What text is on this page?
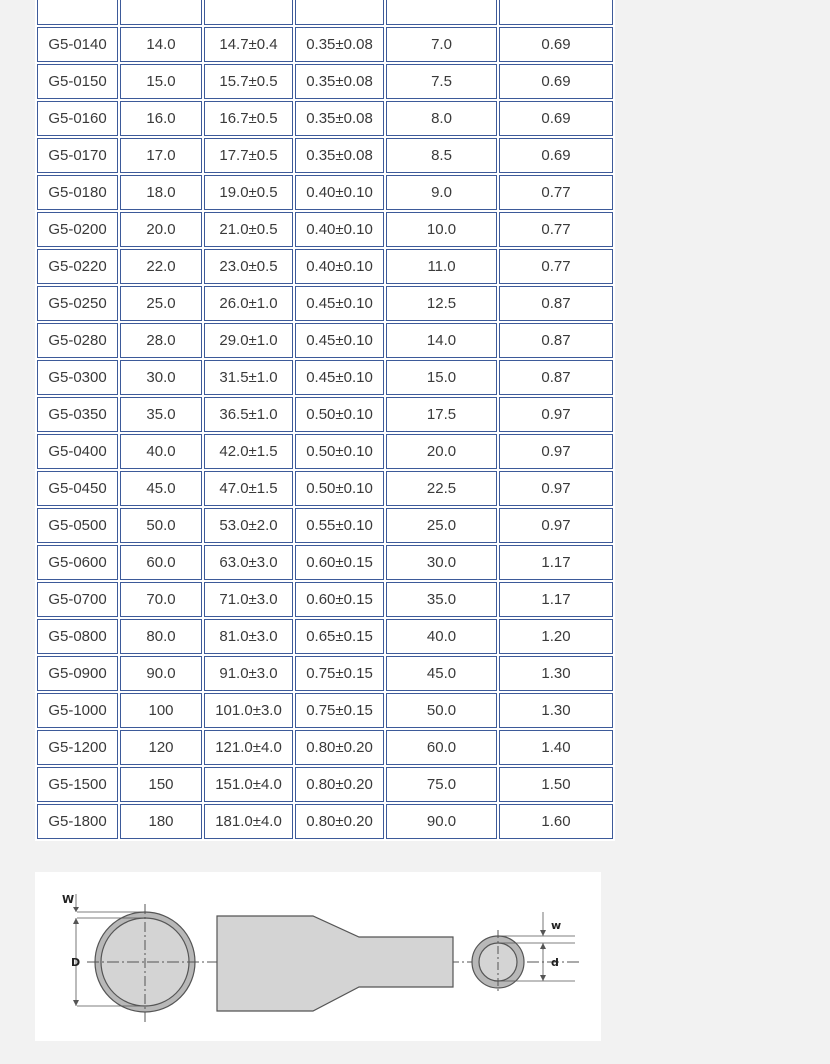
G5-0140	14.0	14.7±0.4	0.35±0.08	7.0	0.69
G5-0150	15.0	15.7±0.5	0.35±0.08	7.5	0.69
G5-0160	16.0	16.7±0.5	0.35±0.08	8.0	0.69
G5-0170	17.0	17.7±0.5	0.35±0.08	8.5	0.69
G5-0180	18.0	19.0±0.5	0.40±0.10	9.0	0.77
G5-0200	20.0	21.0±0.5	0.40±0.10	10.0	0.77
G5-0220	22.0	23.0±0.5	0.40±0.10	11.0	0.77
G5-0250	25.0	26.0±1.0	0.45±0.10	12.5	0.87
G5-0280	28.0	29.0±1.0	0.45±0.10	14.0	0.87
G5-0300	30.0	31.5±1.0	0.45±0.10	15.0	0.87
G5-0350	35.0	36.5±1.0	0.50±0.10	17.5	0.97
G5-0400	40.0	42.0±1.5	0.50±0.10	20.0	0.97
G5-0450	45.0	47.0±1.5	0.50±0.10	22.5	0.97
G5-0500	50.0	53.0±2.0	0.55±0.10	25.0	0.97
G5-0600	60.0	63.0±3.0	0.60±0.15	30.0	1.17
G5-0700	70.0	71.0±3.0	0.60±0.15	35.0	1.17
G5-0800	80.0	81.0±3.0	0.65±0.15	40.0	1.20
G5-0900	90.0	91.0±3.0	0.75±0.15	45.0	1.30
G5-1000	100	101.0±3.0	0.75±0.15	50.0	1.30
G5-1200	120	121.0±4.0	0.80±0.20	60.0	1.40
G5-1500	150	151.0±4.0	0.80±0.20	75.0	1.50
G5-1800	180	181.0±4.0	0.80±0.20	90.0	1.60
W
D
w
d
